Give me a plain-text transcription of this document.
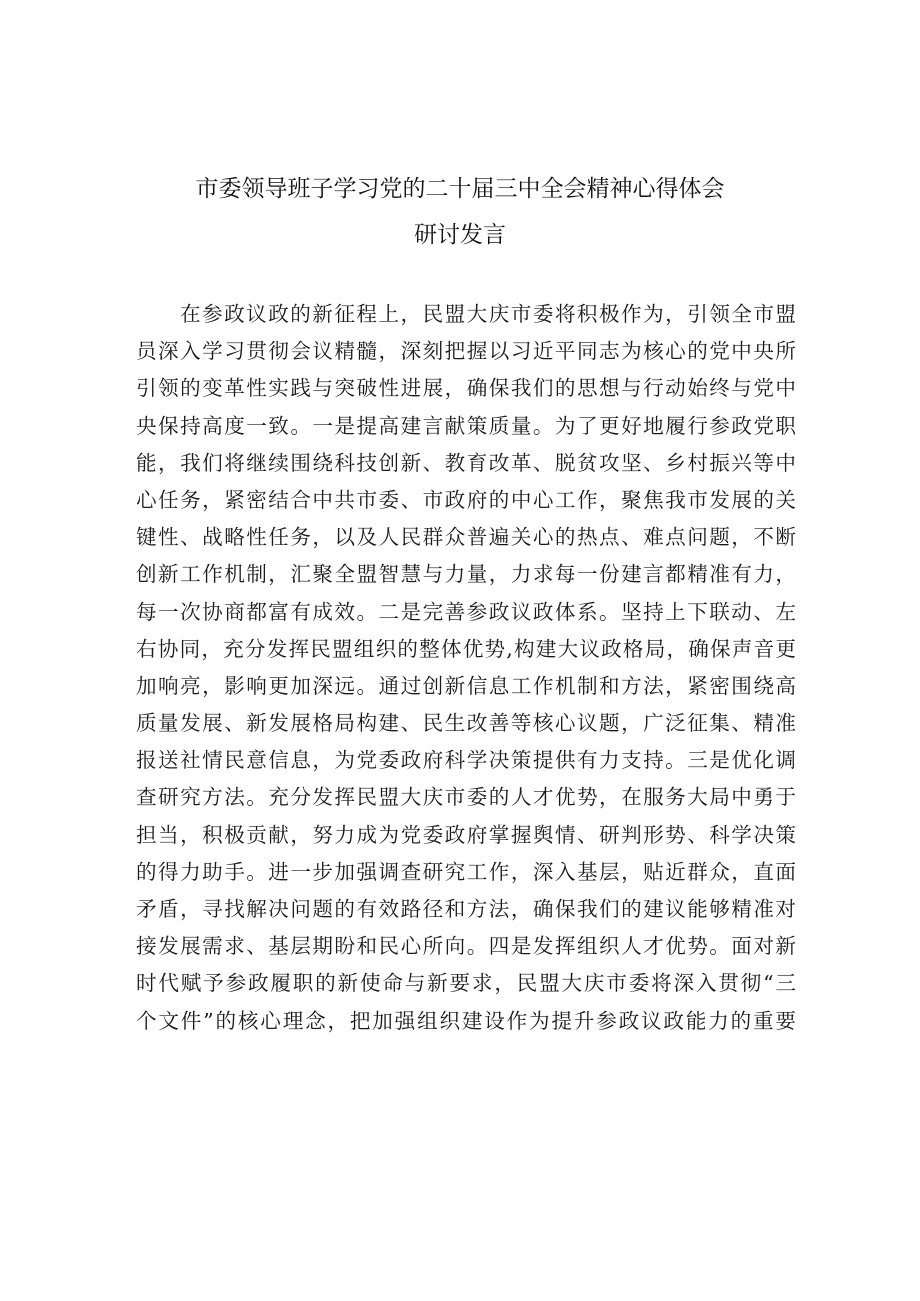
市委领导班子学习党的二十届三中全会精神心得体会
研讨发言
在参政议政的新征程上，民盟大庆市委将积极作为，引领全市盟
员深入学习贯彻会议精髓，深刻把握以习近平同志为核心的党中央所
引领的变革性实践与突破性进展，确保我们的思想与行动始终与党中
央保持高度一致。一是提高建言献策质量。为了更好地履行参政党职
能，我们将继续围绕科技创新、教育改革、脱贫攻坚、乡村振兴等中
心任务，紧密结合中共市委、市政府的中心工作，聚焦我市发展的关
键性、战略性任务，以及人民群众普遍关心的热点、难点问题，不断
创新工作机制，汇聚全盟智慧与力量，力求每一份建言都精准有力，
每一次协商都富有成效。二是完善参政议政体系。坚持上下联动、左
右协同，充分发挥民盟组织的整体优势,构建大议政格局，确保声音更
加响亮，影响更加深远。通过创新信息工作机制和方法，紧密围绕高
质量发展、新发展格局构建、民生改善等核心议题，广泛征集、精准
报送社情民意信息，为党委政府科学决策提供有力支持。三是优化调
查研究方法。充分发挥民盟大庆市委的人才优势，在服务大局中勇于
担当，积极贡献，努力成为党委政府掌握舆情、研判形势、科学决策
的得力助手。进一步加强调查研究工作，深入基层，贴近群众，直面
矛盾，寻找解决问题的有效路径和方法，确保我们的建议能够精准对
接发展需求、基层期盼和民心所向。四是发挥组织人才优势。面对新
时代赋予参政履职的新使命与新要求，民盟大庆市委将深入贯彻“三
个文件”的核心理念，把加强组织建设作为提升参政议政能力的重要
